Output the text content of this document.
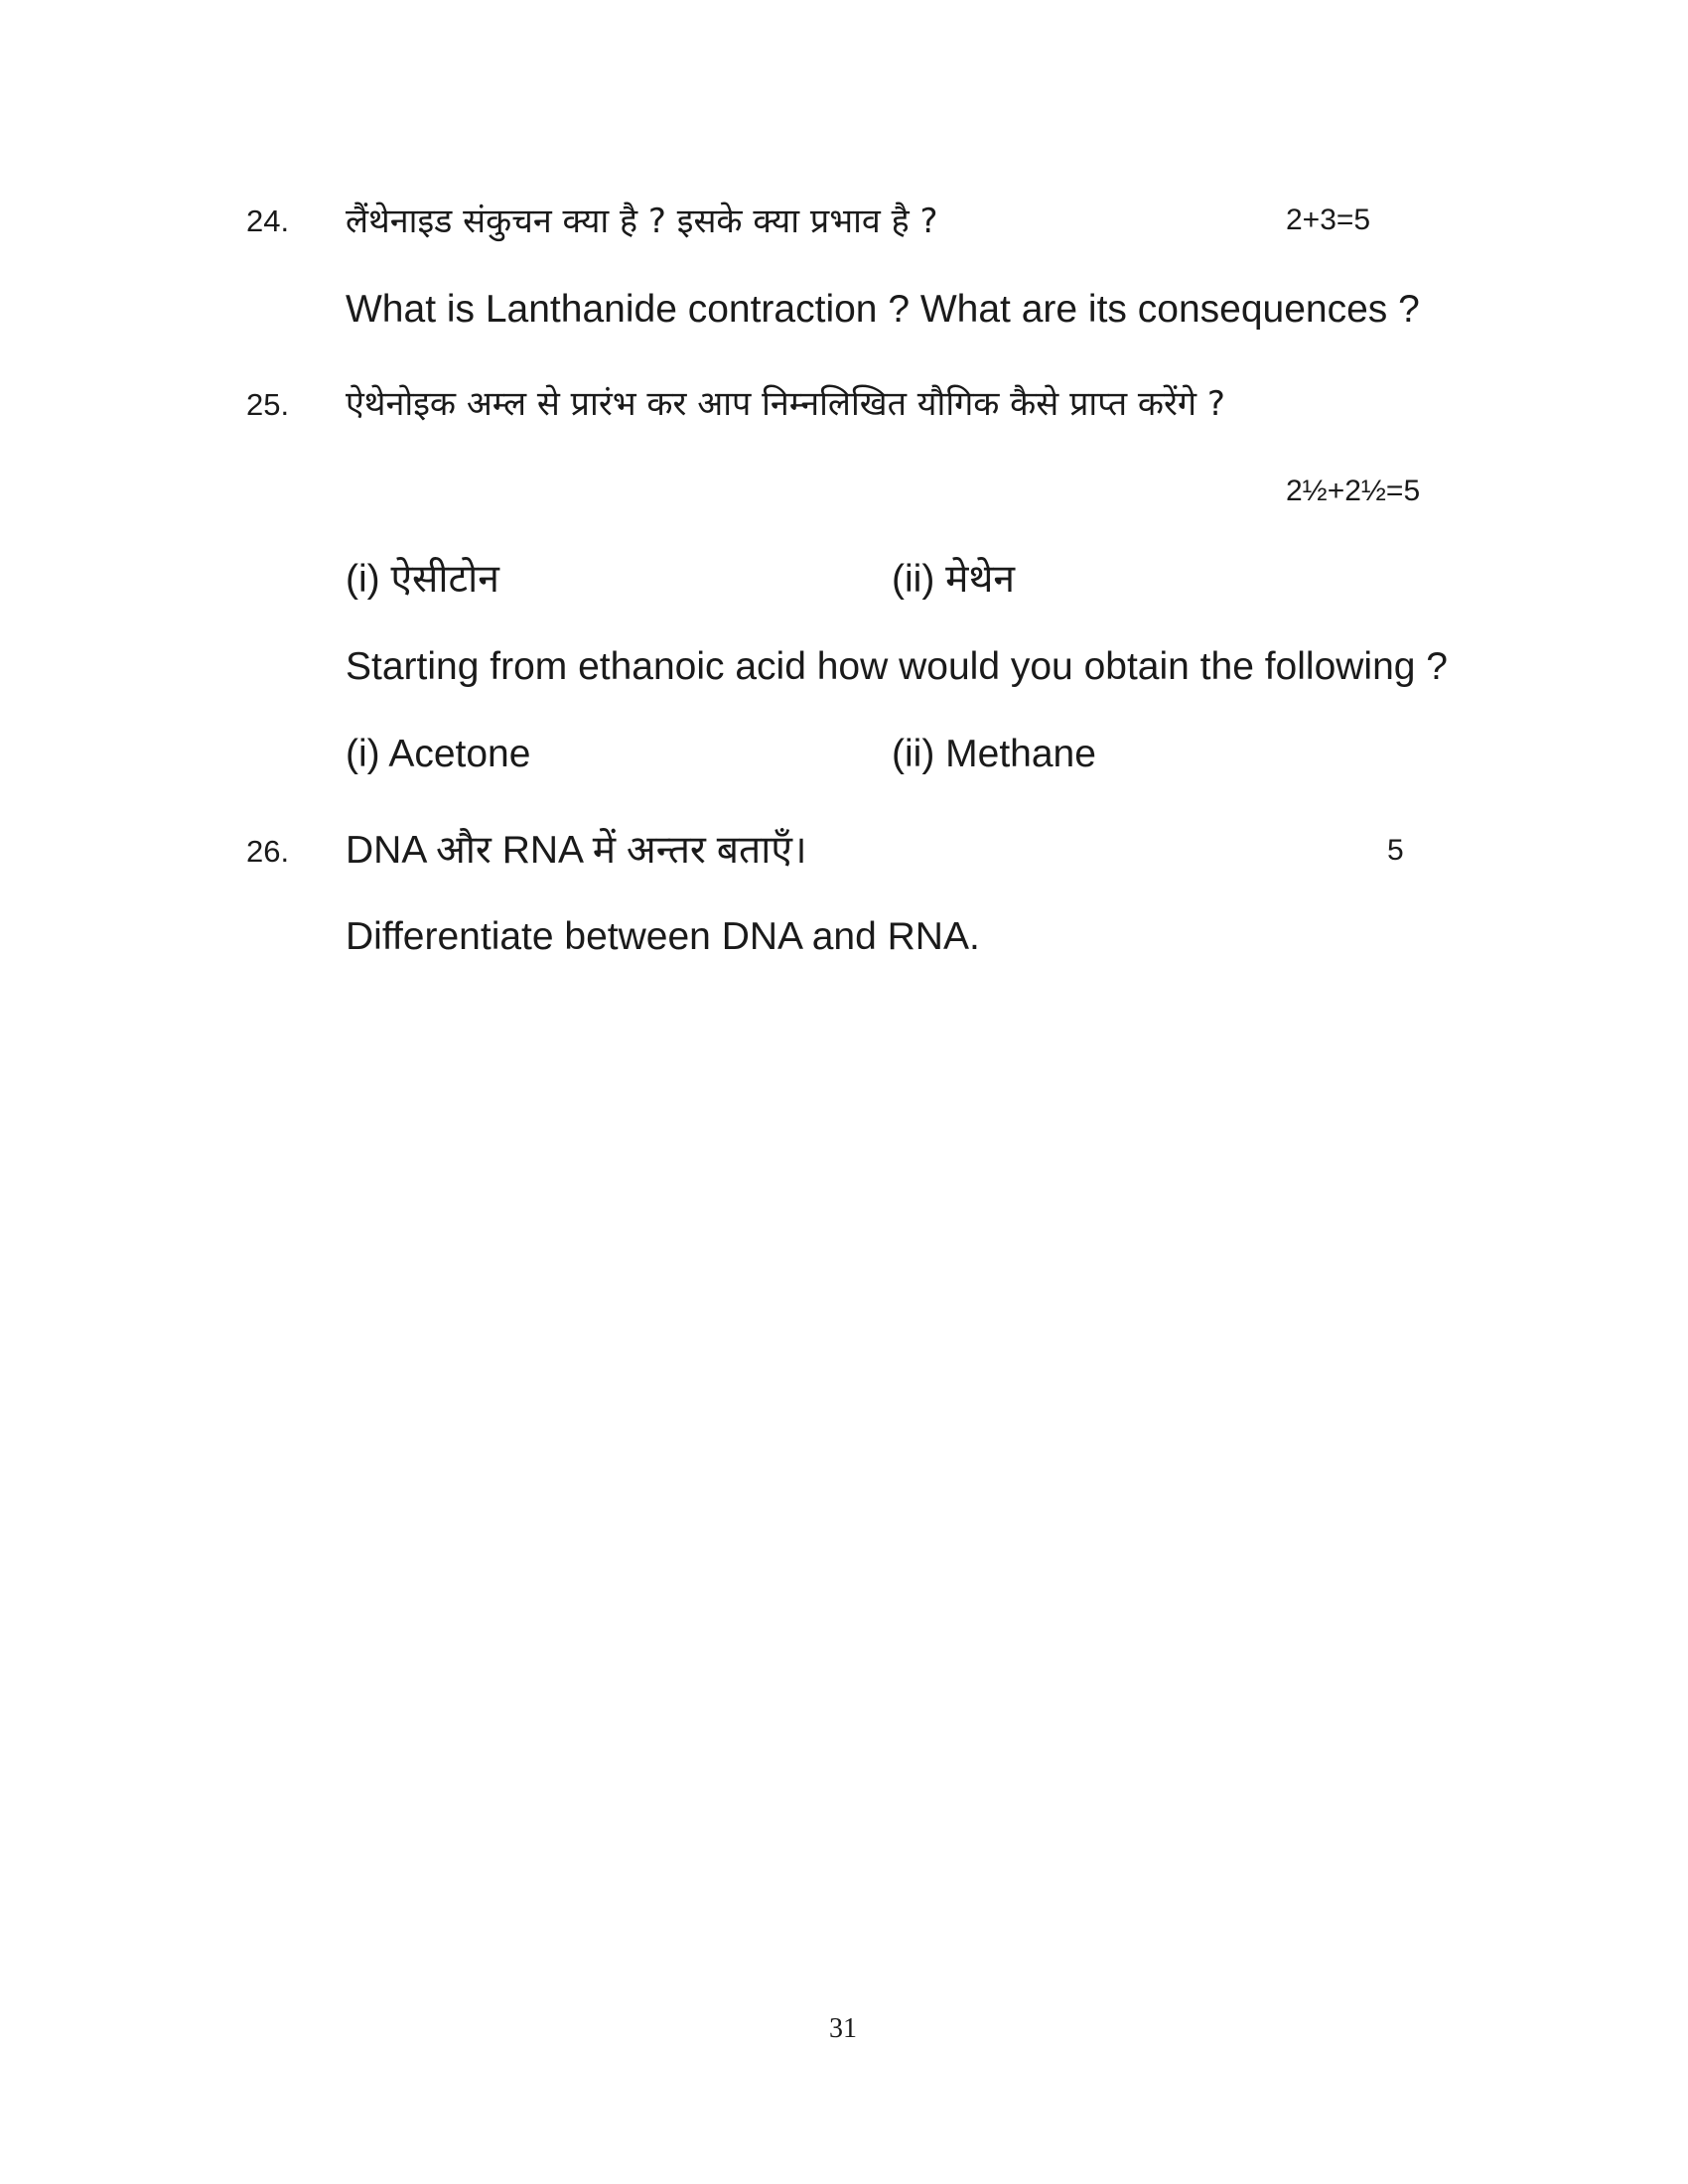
24. लैंथेनाइड संकुचन क्या है ? इसके क्या प्रभाव है ?	2+3=5
What is Lanthanide contraction ? What are its consequences ?
25. ऐथेनोइक अम्ल से प्रारंभ कर आप निम्नलिखित यौगिक कैसे प्राप्त करेंगे ?
2½+2½=5
(i) ऐसीटोन	(ii) मेथेन
Starting from ethanoic acid how would you obtain the following ?
(i) Acetone	(ii) Methane
26. DNA और RNA में अन्तर बताएँ।	5
Differentiate between DNA and RNA.
31
